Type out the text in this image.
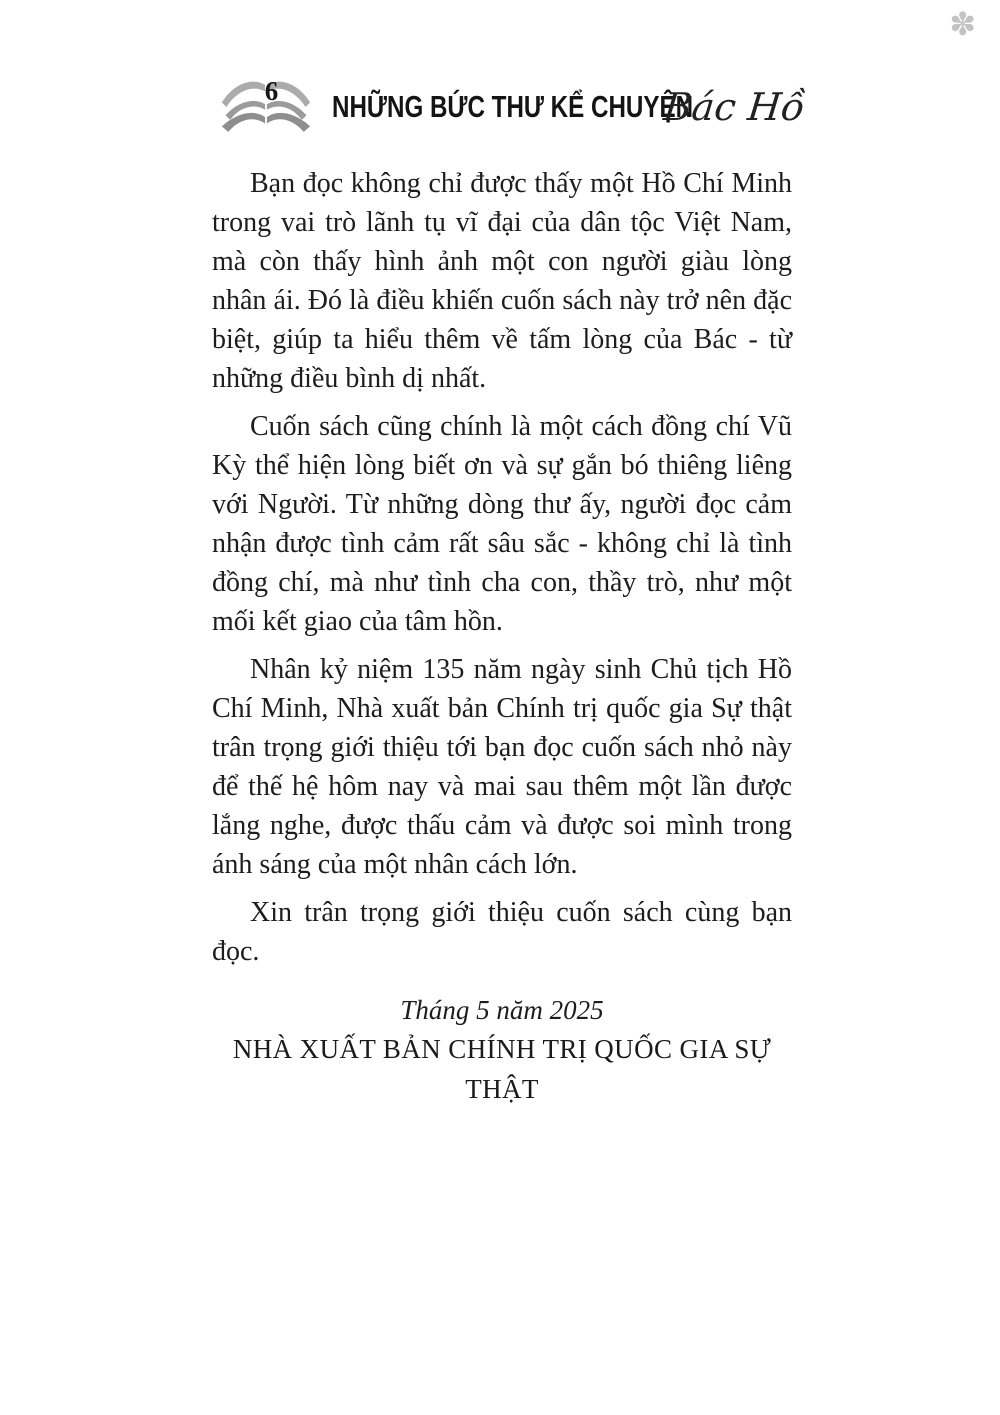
✽
6 NHỮNG BỨC THƯ KỂ CHUYỆN
Bác Hồ

Bạn đọc không chỉ được thấy một Hồ Chí Minh trong vai trò lãnh tụ vĩ đại của dân tộc Việt Nam, mà còn thấy hình ảnh một con người giàu lòng nhân ái. Đó là điều khiến cuốn sách này trở nên đặc biệt, giúp ta hiểu thêm về tấm lòng của Bác - từ những điều bình dị nhất.

Cuốn sách cũng chính là một cách đồng chí Vũ Kỳ thể hiện lòng biết ơn và sự gắn bó thiêng liêng với Người. Từ những dòng thư ấy, người đọc cảm nhận được tình cảm rất sâu sắc - không chỉ là tình đồng chí, mà như tình cha con, thầy trò, như một mối kết giao của tâm hồn.

Nhân kỷ niệm 135 năm ngày sinh Chủ tịch Hồ Chí Minh, Nhà xuất bản Chính trị quốc gia Sự thật trân trọng giới thiệu tới bạn đọc cuốn sách nhỏ này để thế hệ hôm nay và mai sau thêm một lần được lắng nghe, được thấu cảm và được soi mình trong ánh sáng của một nhân cách lớn.

Xin trân trọng giới thiệu cuốn sách cùng bạn đọc.

Tháng 5 năm 2025
NHÀ XUẤT BẢN CHÍNH TRỊ QUỐC GIA SỰ THẬT
